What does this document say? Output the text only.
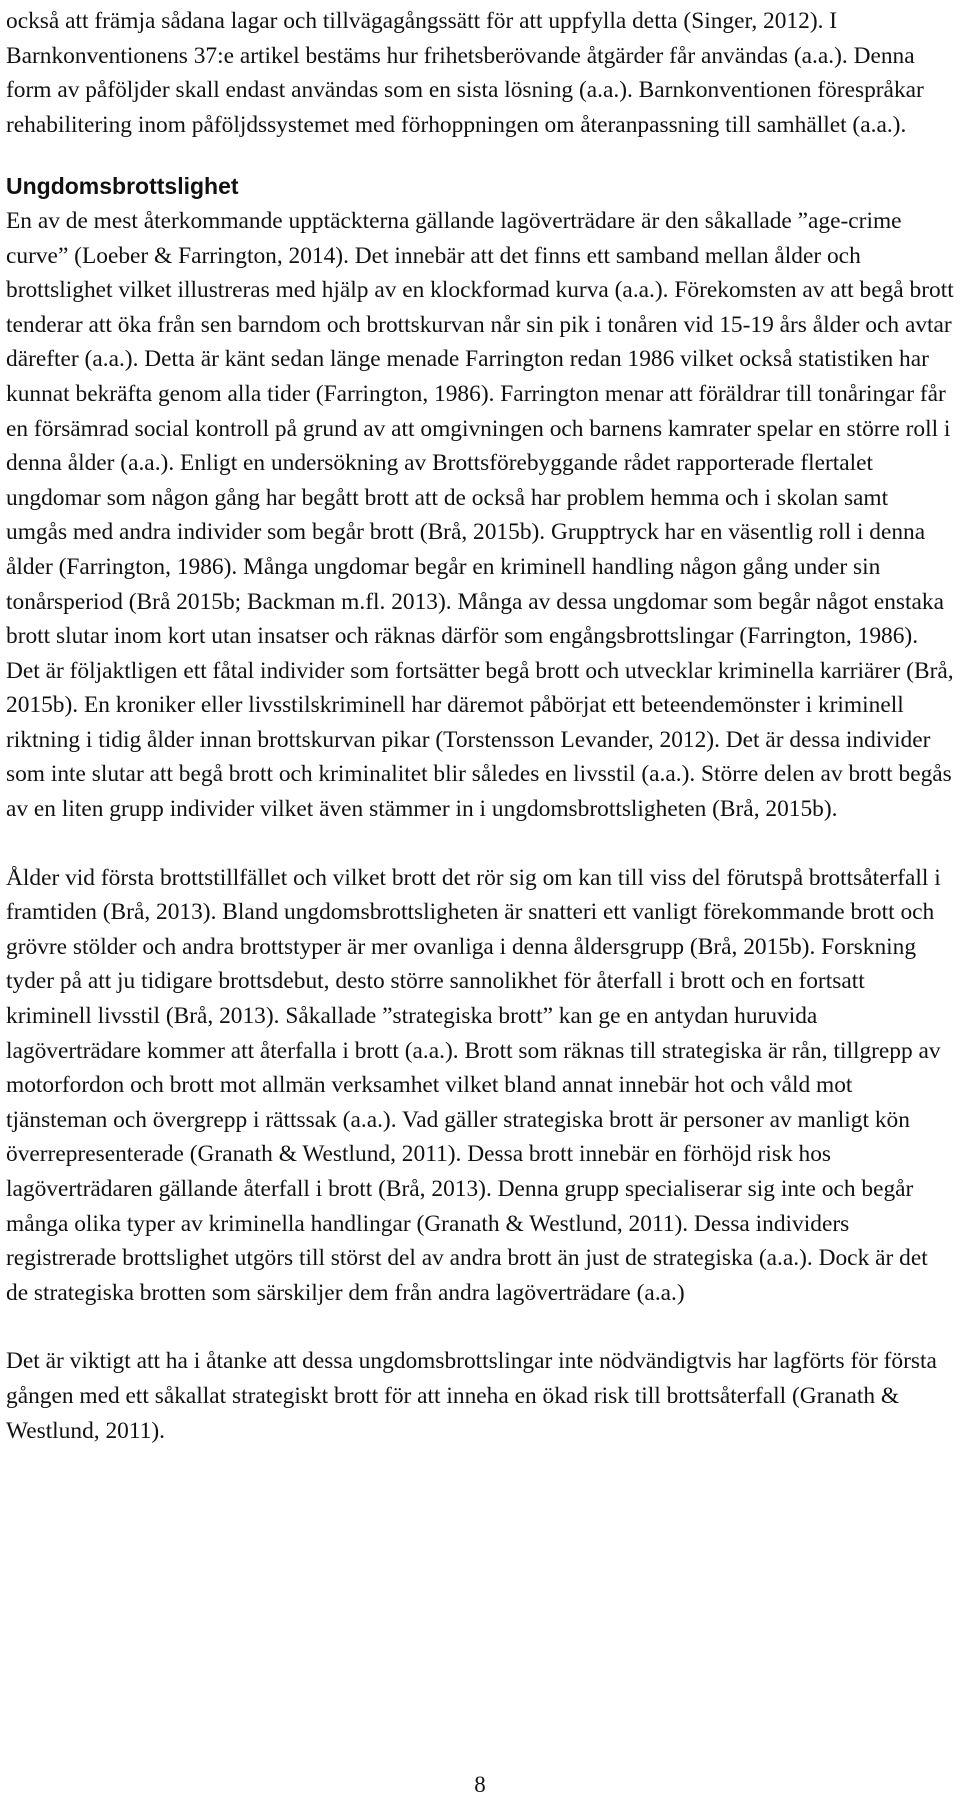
också att främja sådana lagar och tillvägagångssätt för att uppfylla detta (Singer, 2012). I Barnkonventionens 37:e artikel bestäms hur frihetsberövande åtgärder får användas (a.a.). Denna form av påföljder skall endast användas som en sista lösning (a.a.). Barnkonventionen förespråkar rehabilitering inom påföljdssystemet med förhoppningen om återanpassning till samhället (a.a.).

Ungdomsbrottslighet

En av de mest återkommande upptäckterna gällande lagöverträdare är den såkallade ”age-crime curve” (Loeber & Farrington, 2014). Det innebär att det finns ett samband mellan ålder och brottslighet vilket illustreras med hjälp av en klockformad kurva (a.a.). Förekomsten av att begå brott tenderar att öka från sen barndom och brottskurvan når sin pik i tonåren vid 15-19 års ålder och avtar därefter (a.a.). Detta är känt sedan länge menade Farrington redan 1986 vilket också statistiken har kunnat bekräfta genom alla tider (Farrington, 1986). Farrington menar att föräldrar till tonåringar får en försämrad social kontroll på grund av att omgivningen och barnens kamrater spelar en större roll i denna ålder (a.a.). Enligt en undersökning av Brottsförebyggande rådet rapporterade flertalet ungdomar som någon gång har begått brott att de också har problem hemma och i skolan samt umgås med andra individer som begår brott (Brå, 2015b). Grupptryck har en väsentlig roll i denna ålder (Farrington, 1986). Många ungdomar begår en kriminell handling någon gång under sin tonårsperiod (Brå 2015b; Backman m.fl. 2013). Många av dessa ungdomar som begår något enstaka brott slutar inom kort utan insatser och räknas därför som engångsbrottslingar (Farrington, 1986). Det är följaktligen ett fåtal individer som fortsätter begå brott och utvecklar kriminella karriärer (Brå, 2015b). En kroniker eller livsstilskriminell har däremot påbörjat ett beteendemönster i kriminell riktning i tidig ålder innan brottskurvan pikar (Torstensson Levander, 2012). Det är dessa individer som inte slutar att begå brott och kriminalitet blir således en livsstil (a.a.). Större delen av brott begås av en liten grupp individer vilket även stämmer in i ungdomsbrottsligheten (Brå, 2015b).

Ålder vid första brottstillfället och vilket brott det rör sig om kan till viss del förutspå brottsåterfall i framtiden (Brå, 2013). Bland ungdomsbrottsligheten är snatteri ett vanligt förekommande brott och grövre stölder och andra brottstyper är mer ovanliga i denna åldersgrupp (Brå, 2015b). Forskning tyder på att ju tidigare brottsdebut, desto större sannolikhet för återfall i brott och en fortsatt kriminell livsstil (Brå, 2013). Såkallade ”strategiska brott” kan ge en antydan huruvida lagöverträdare kommer att återfalla i brott (a.a.). Brott som räknas till strategiska är rån, tillgrepp av motorfordon och brott mot allmän verksamhet vilket bland annat innebär hot och våld mot tjänsteman och övergrepp i rättssak (a.a.). Vad gäller strategiska brott är personer av manligt kön överrepresenterade (Granath & Westlund, 2011). Dessa brott innebär en förhöjd risk hos lagöverträdaren gällande återfall i brott (Brå, 2013). Denna grupp specialiserar sig inte och begår många olika typer av kriminella handlingar (Granath & Westlund, 2011). Dessa individers registrerade brottslighet utgörs till störst del av andra brott än just de strategiska (a.a.). Dock är det de strategiska brotten som särskiljer dem från andra lagöverträdare (a.a.)

Det är viktigt att ha i åtanke att dessa ungdomsbrottslingar inte nödvändigtvis har lagförts för första gången med ett såkallat strategiskt brott för att inneha en ökad risk till brottsåterfall (Granath & Westlund, 2011).

8
